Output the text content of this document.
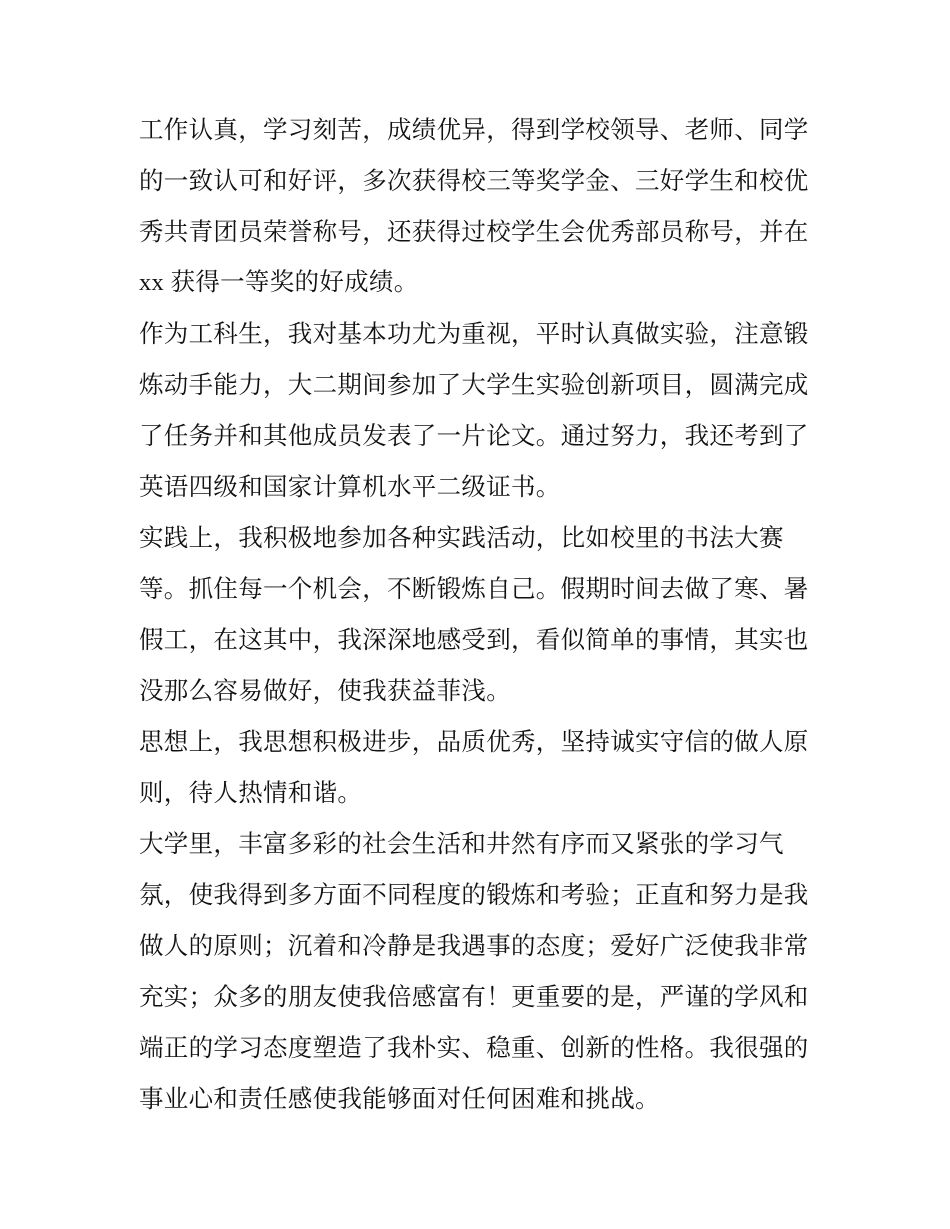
工作认真，学习刻苦，成绩优异，得到学校领导、老师、同学
的一致认可和好评，多次获得校三等奖学金、三好学生和校优
秀共青团员荣誉称号，还获得过校学生会优秀部员称号，并在
xx 获得一等奖的好成绩。
作为工科生，我对基本功尤为重视，平时认真做实验，注意锻
炼动手能力，大二期间参加了大学生实验创新项目，圆满完成
了任务并和其他成员发表了一片论文。通过努力，我还考到了
英语四级和国家计算机水平二级证书。
实践上，我积极地参加各种实践活动，比如校里的书法大赛
等。抓住每一个机会，不断锻炼自己。假期时间去做了寒、暑
假工，在这其中，我深深地感受到，看似简单的事情，其实也
没那么容易做好，使我获益菲浅。
思想上，我思想积极进步，品质优秀，坚持诚实守信的做人原
则，待人热情和谐。
大学里，丰富多彩的社会生活和井然有序而又紧张的学习气
氛，使我得到多方面不同程度的锻炼和考验；正直和努力是我
做人的原则；沉着和冷静是我遇事的态度；爱好广泛使我非常
充实；众多的朋友使我倍感富有！更重要的是，严谨的学风和
端正的学习态度塑造了我朴实、稳重、创新的性格。我很强的
事业心和责任感使我能够面对任何困难和挑战。
